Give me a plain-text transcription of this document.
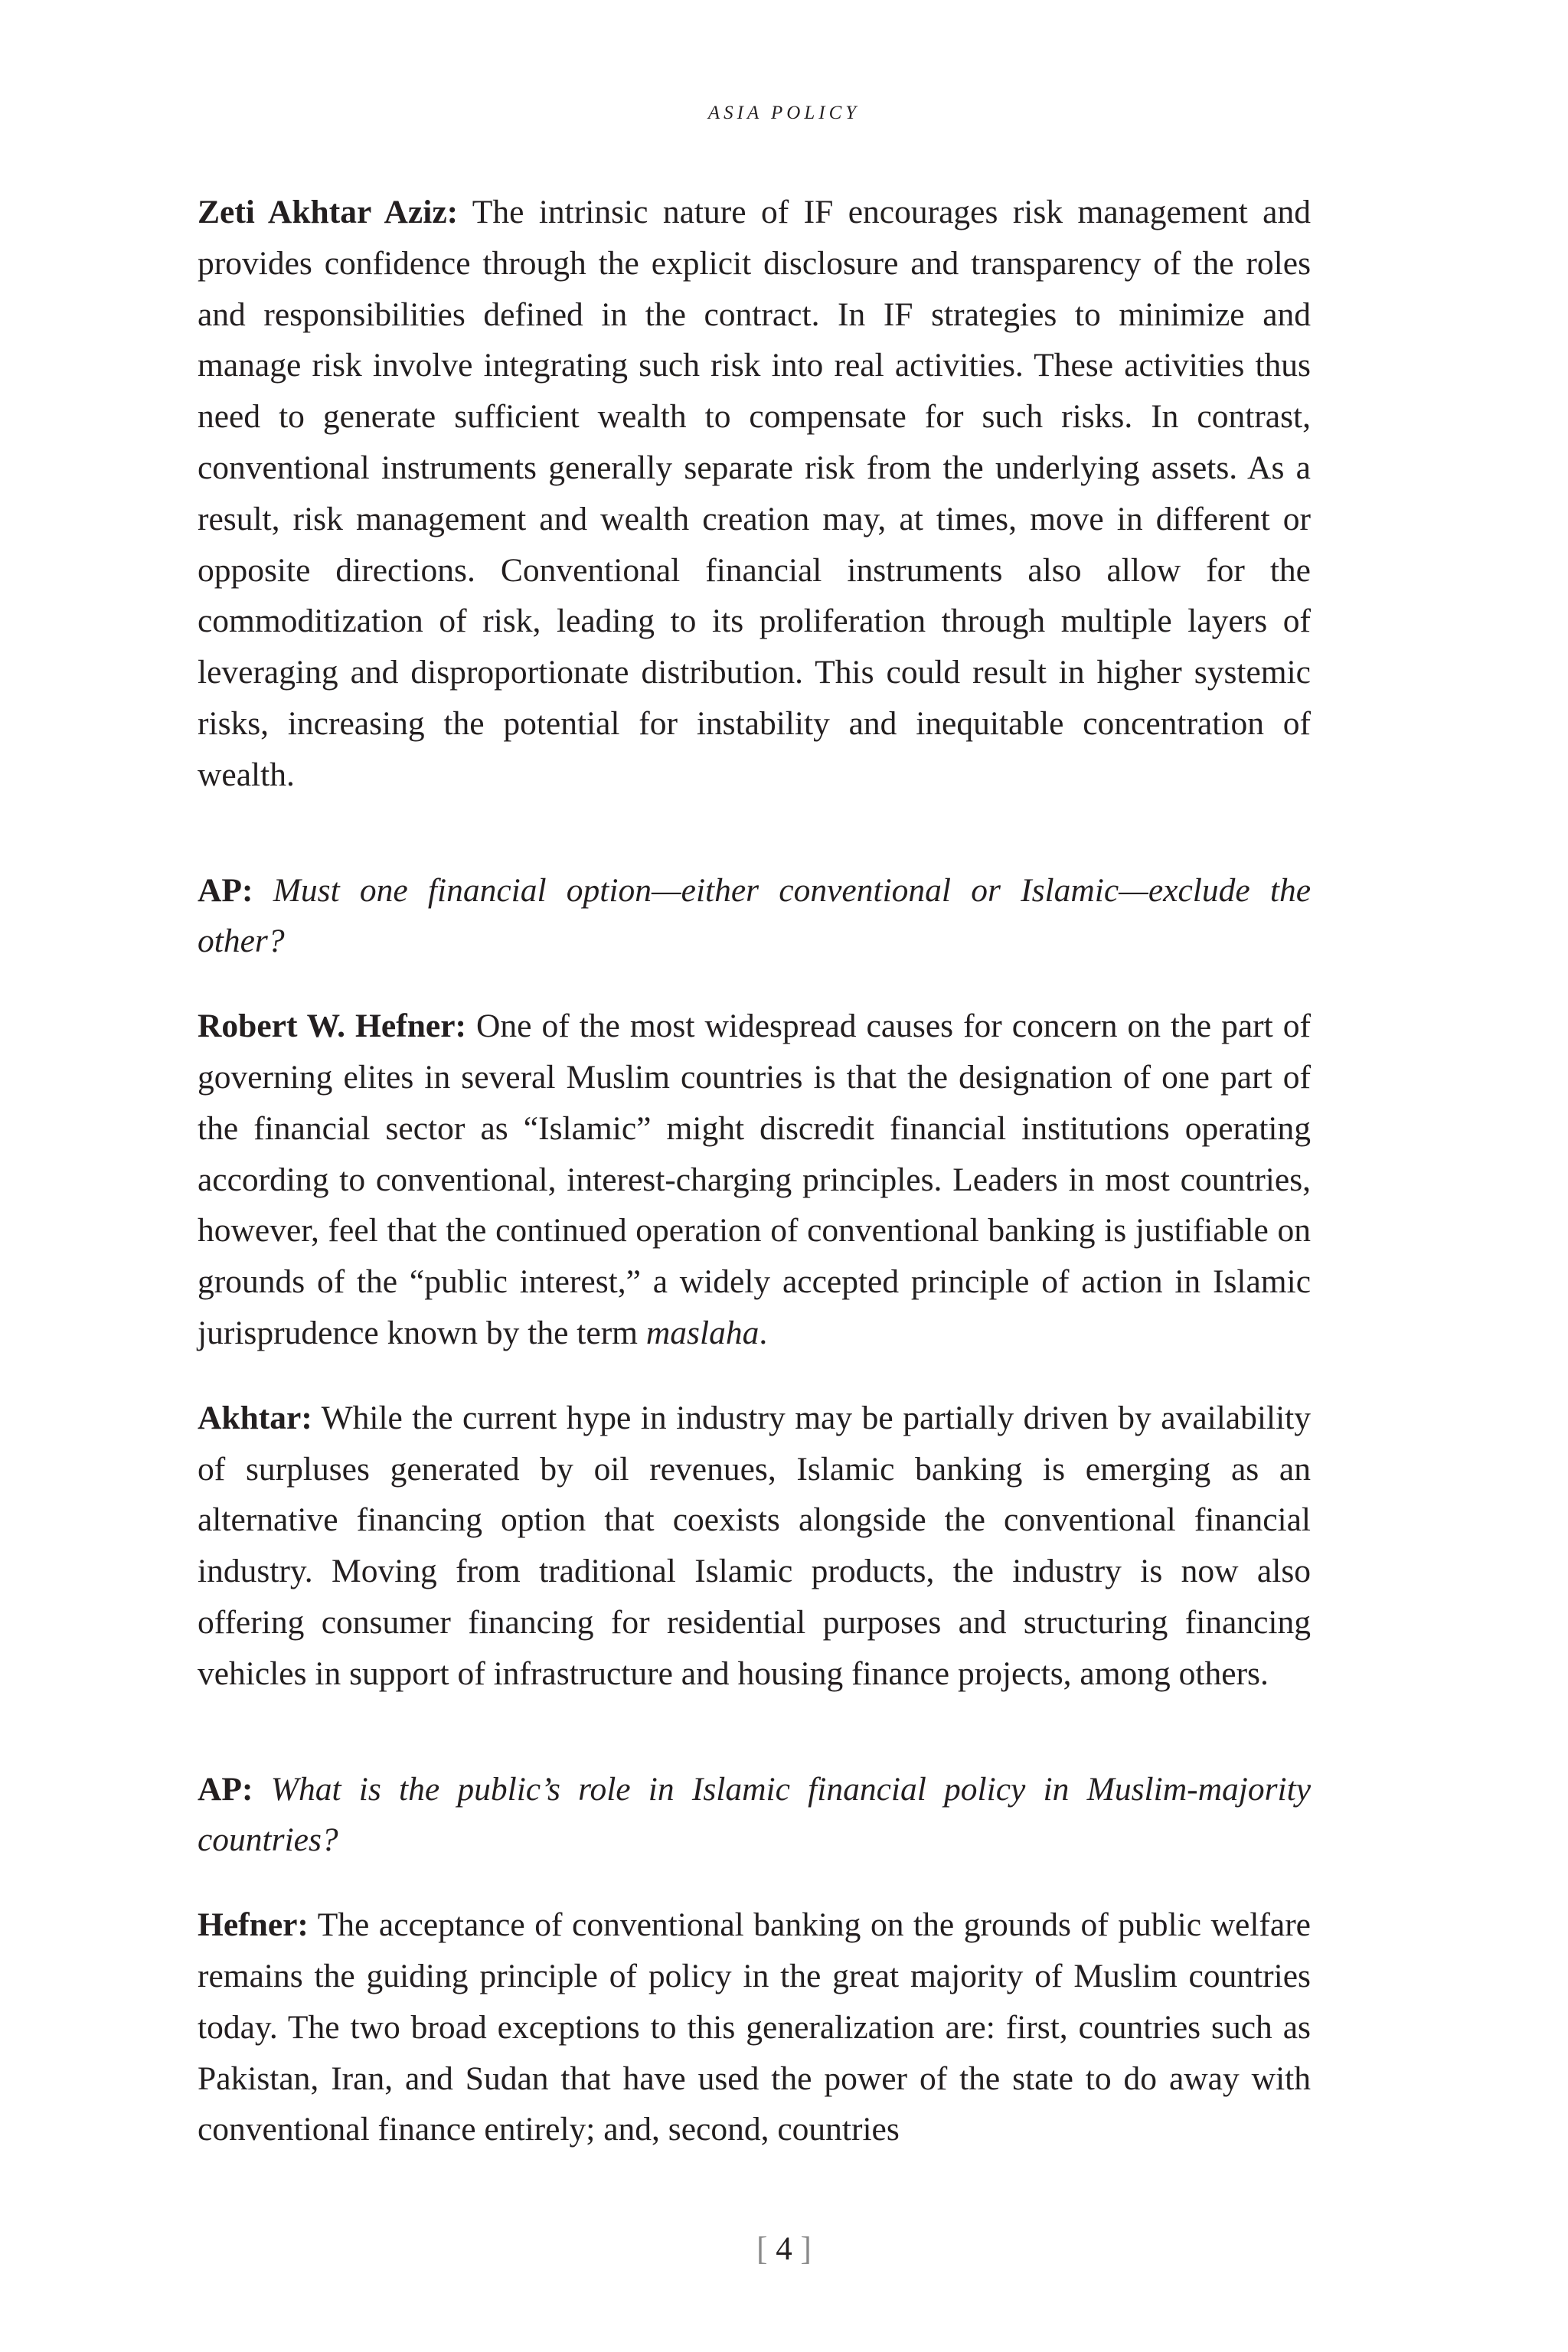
ASIA POLICY

Zeti Akhtar Aziz: The intrinsic nature of IF encourages risk management and provides confidence through the explicit disclosure and transparency of the roles and responsibilities defined in the contract. In IF strategies to minimize and manage risk involve integrating such risk into real activities. These activities thus need to generate sufficient wealth to compensate for such risks. In contrast, conventional instruments generally separate risk from the underlying assets. As a result, risk management and wealth creation may, at times, move in different or opposite directions. Conventional financial instruments also allow for the commoditization of risk, leading to its proliferation through multiple layers of leveraging and disproportionate distribution. This could result in higher systemic risks, increasing the potential for instability and inequitable concentration of wealth.

AP: Must one financial option—either conventional or Islamic—exclude the other?

Robert W. Hefner: One of the most widespread causes for concern on the part of governing elites in several Muslim countries is that the designation of one part of the financial sector as “Islamic” might discredit financial institutions operating according to conventional, interest-charging principles. Leaders in most countries, however, feel that the continued operation of conventional banking is justifiable on grounds of the “public interest,” a widely accepted principle of action in Islamic jurisprudence known by the term maslaha.

Akhtar: While the current hype in industry may be partially driven by availability of surpluses generated by oil revenues, Islamic banking is emerging as an alternative financing option that coexists alongside the conventional financial industry. Moving from traditional Islamic products, the industry is now also offering consumer financing for residential purposes and structuring financing vehicles in support of infrastructure and housing finance projects, among others.

AP: What is the public’s role in Islamic financial policy in Muslim-majority countries?

Hefner: The acceptance of conventional banking on the grounds of public welfare remains the guiding principle of policy in the great majority of Muslim countries today. The two broad exceptions to this generalization are: first, countries such as Pakistan, Iran, and Sudan that have used the power of the state to do away with conventional finance entirely; and, second, countries

[ 4 ]
